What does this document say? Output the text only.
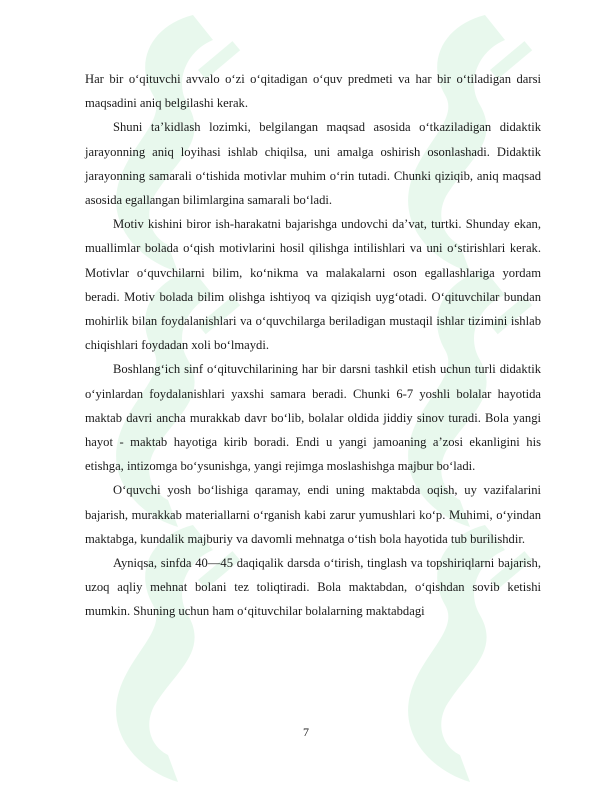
Har bir oʻqituvchi avvalo oʻzi oʻqitadigan oʻquv predmeti va har bir oʻtiladigan darsi maqsadini aniq belgilashi kerak.

Shuni taʼkidlash lozimki, belgilangan maqsad asosida oʻtkaziladigan didaktik jarayonning aniq loyihasi ishlab chiqilsa, uni amalga oshirish osonlashadi. Didaktik jarayonning samarali oʻtishida motivlar muhim oʻrin tutadi. Chunki qiziqib, aniq maqsad asosida egallangan bilimlargina samarali boʻladi.

Motiv kishini biror ish-harakatni bajarishga undovchi daʼvat, turtki. Shunday ekan, muallimlar bolada oʻqish motivlarini hosil qilishga intilishlari va uni oʻstirishlari kerak. Motivlar oʻquvchilarni bilim, koʻnikma va malakalarni oson egallashlariga yordam beradi. Motiv bolada bilim olishga ishtiyoq va qiziqish uygʻotadi. Oʻqituvchilar bundan mohirlik bilan foydalanishlari va oʻquvchilarga beriladigan mustaqil ishlar tizimini ishlab chiqishlari foydadan xoli boʻlmaydi.

Boshlangʻich sinf oʻqituvchilarining har bir darsni tashkil etish uchun turli didaktik oʻyinlardan foydalanishlari yaxshi samara beradi. Chunki 6-7 yoshli bolalar hayotida maktab davri ancha murakkab davr boʻlib, bolalar oldida jiddiy sinov turadi. Bola yangi hayot - maktab hayotiga kirib boradi. Endi u yangi jamoaning aʼzosi ekanligini his etishga, intizomga boʻysunishga, yangi rejimga moslashishga majbur boʻladi.

Oʻquvchi yosh boʻlishiga qaramay, endi uning maktabda oqish, uy vazifalarini bajarish, murakkab materiallarni oʻrganish kabi zarur yumushlari koʻp. Muhimi, oʻyindan maktabga, kundalik majburiy va davomli mehnatga oʻtish bola hayotida tub burilishdir.

Ayniqsa, sinfda 40—45 daqiqalik darsda oʻtirish, tinglash va topshiriqlarni bajarish, uzoq aqliy mehnat bolani tez toliqtiradi. Bola maktabdan, oʻqishdan sovib ketishi mumkin. Shuning uchun ham oʻqituvchilar bolalarning maktabdagi

7
